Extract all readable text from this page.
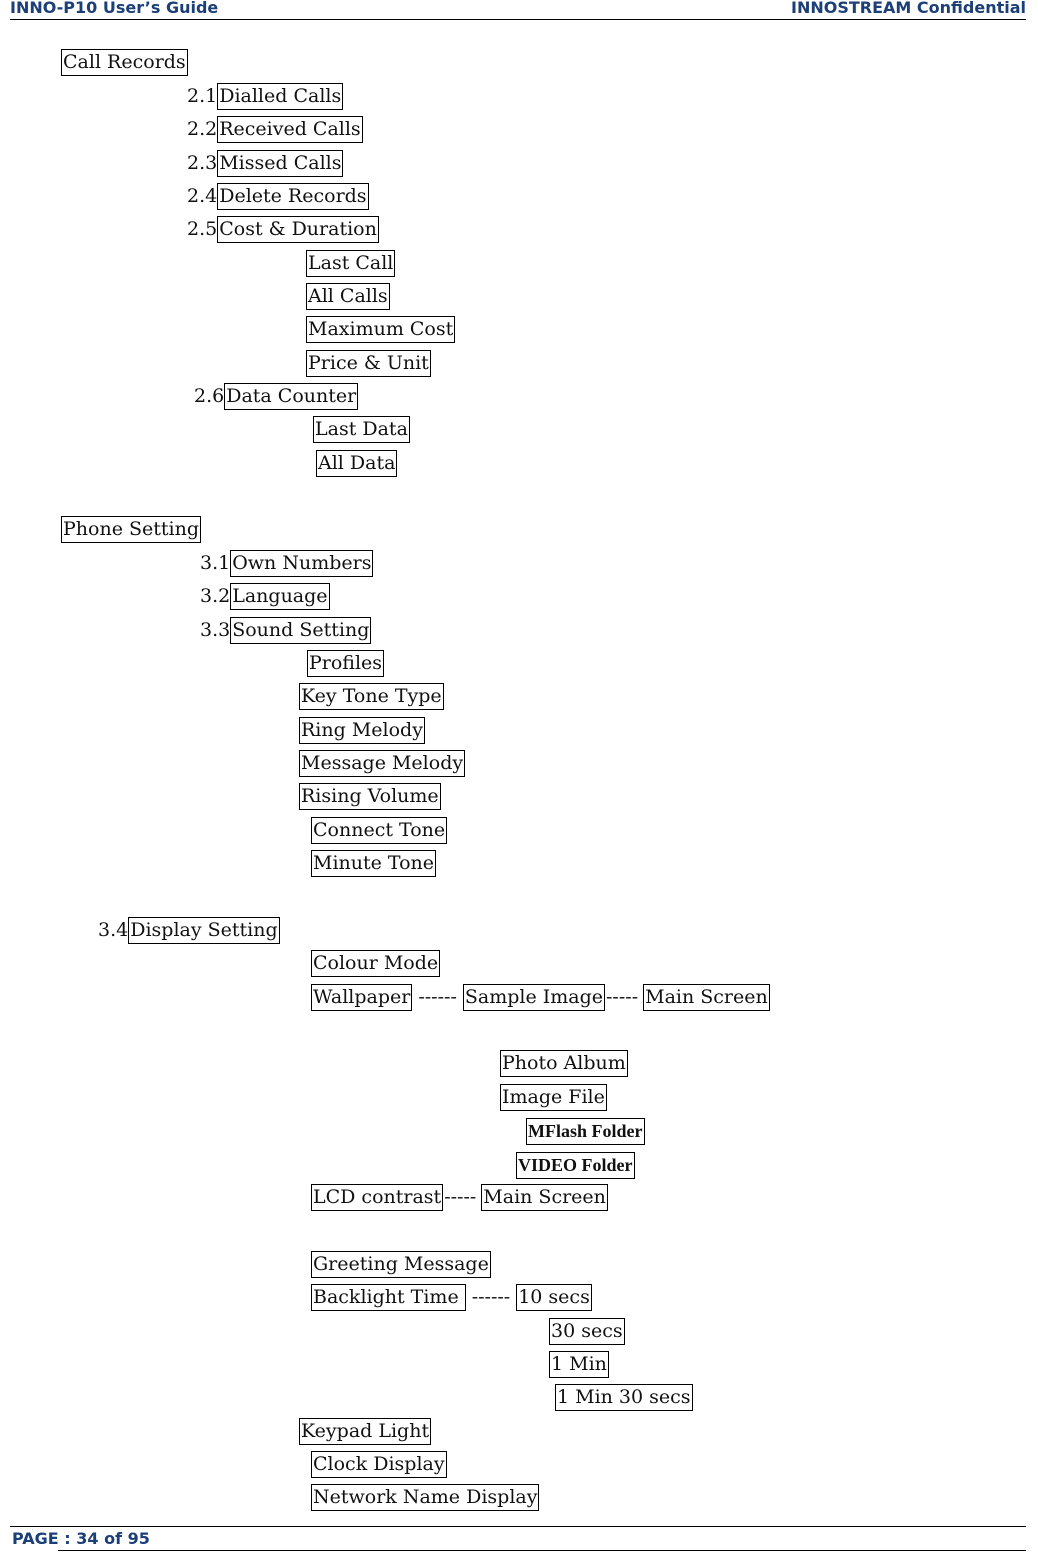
INNO-P10 User’s Guide	INNOSTREAM Confidential
Call Records
2.1Dialled Calls
2.2Received Calls
2.3Missed Calls
2.4Delete Records
2.5Cost & Duration
Last Call
All Calls
Maximum Cost
Price & Unit
2.6Data Counter
Last Data
All Data
Phone Setting
3.1Own Numbers
3.2Language
3.3Sound Setting
Profiles
Key Tone Type
Ring Melody
Message Melody
Rising Volume
Connect Tone
Minute Tone
3.4 Display Setting
Colour Mode
Wallpaper ------ Sample Image ----- Main Screen
Photo Album
Image File
MFlash Folder
VIDEO Folder
LCD contrast ----- Main Screen
Greeting Message
Backlight Time ------ 10 secs
30 secs
1 Min
1 Min 30 secs
Keypad Light
Clock Display
Network Name Display
PAGE : 34 of 95
